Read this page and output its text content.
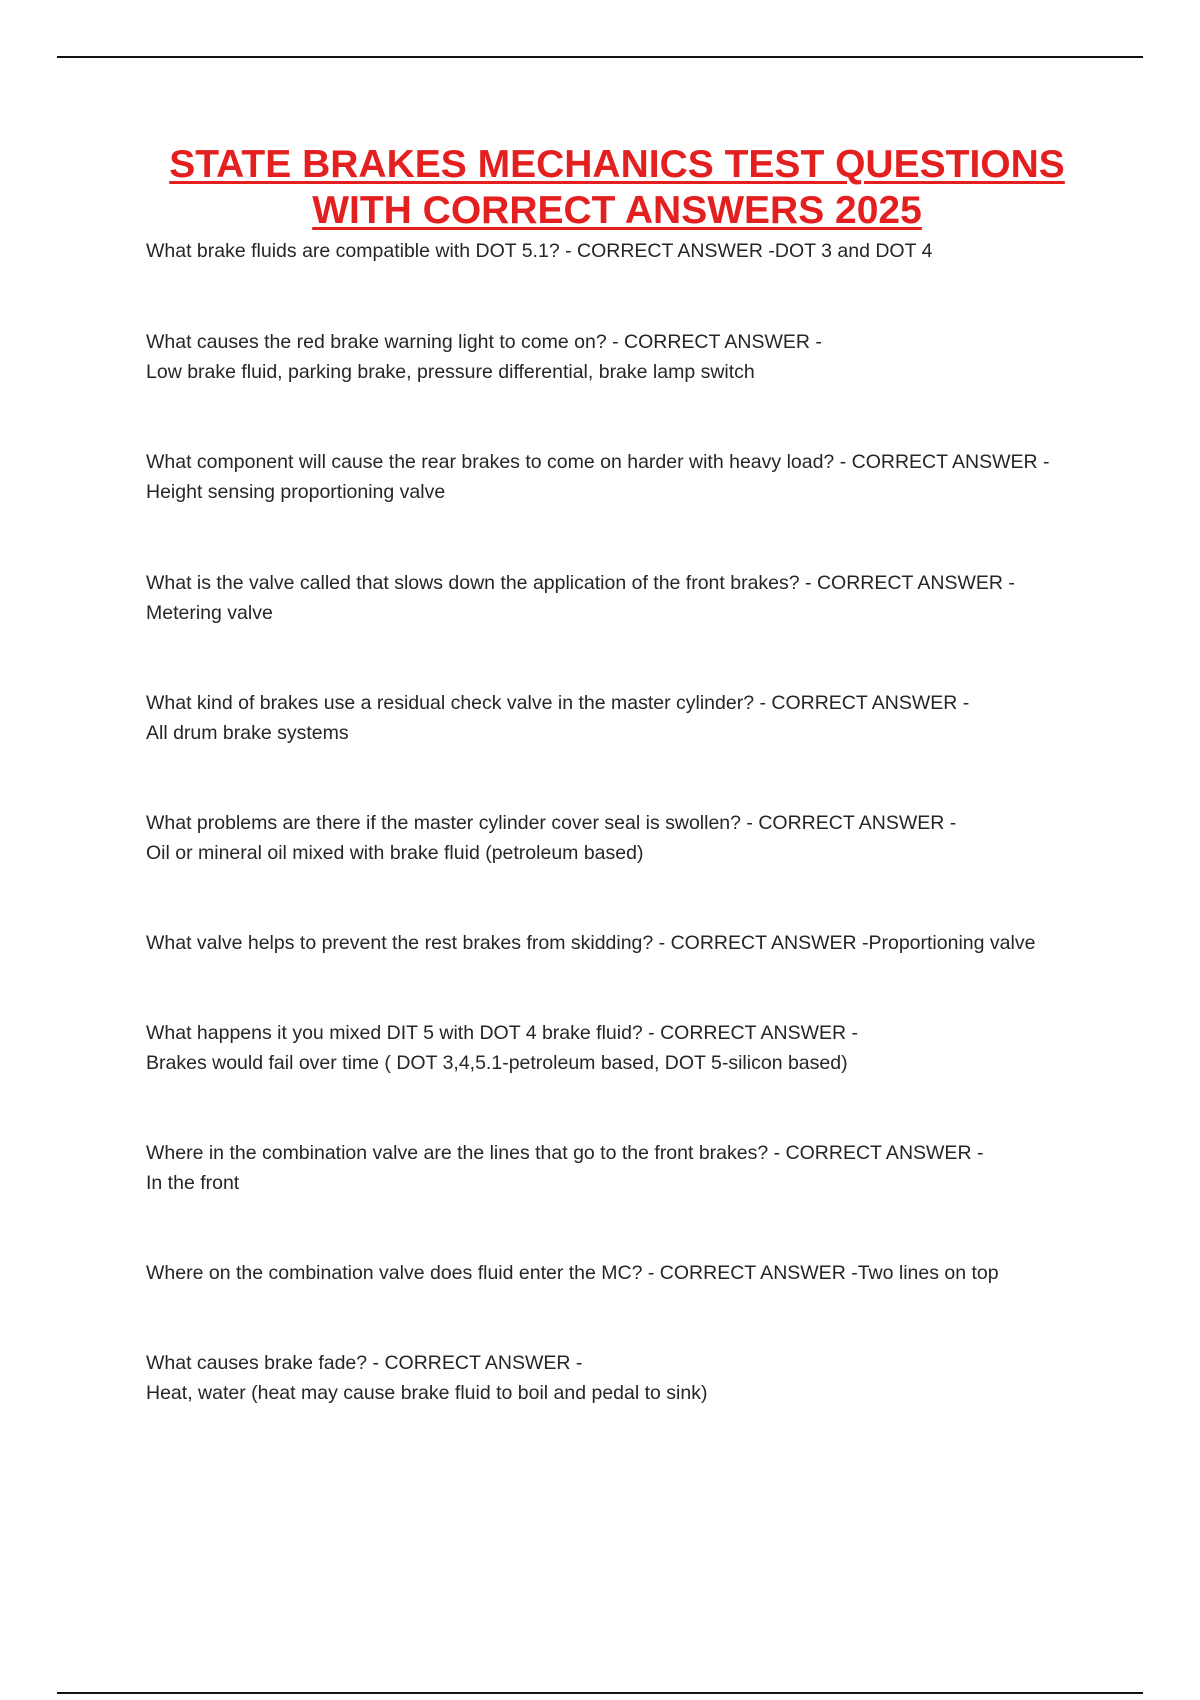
STATE BRAKES MECHANICS TEST QUESTIONS
WITH CORRECT ANSWERS 2025
What brake fluids are compatible with DOT 5.1? - CORRECT ANSWER -DOT 3 and DOT 4
What causes the red brake warning light to come on? - CORRECT ANSWER -
Low brake fluid, parking brake, pressure differential, brake lamp switch
What component will cause the rear brakes to come on harder with heavy load? - CORRECT ANSWER -
Height sensing proportioning valve
What is the valve called that slows down the application of the front brakes? - CORRECT ANSWER -
Metering valve
What kind of brakes use a residual check valve in the master cylinder? - CORRECT ANSWER -
All drum brake systems
What problems are there if the master cylinder cover seal is swollen? - CORRECT ANSWER -
Oil or mineral oil mixed with brake fluid (petroleum based)
What valve helps to prevent the rest brakes from skidding? - CORRECT ANSWER -Proportioning valve
What happens it you mixed DIT 5 with DOT 4 brake fluid? - CORRECT ANSWER -
Brakes would fail over time ( DOT 3,4,5.1-petroleum based, DOT 5-silicon based)
Where in the combination valve are the lines that go to the front brakes? - CORRECT ANSWER -
In the front
Where on the combination valve does fluid enter the MC? - CORRECT ANSWER -Two lines on top
What causes brake fade? - CORRECT ANSWER -
Heat, water (heat may cause brake fluid to boil and pedal to sink)
